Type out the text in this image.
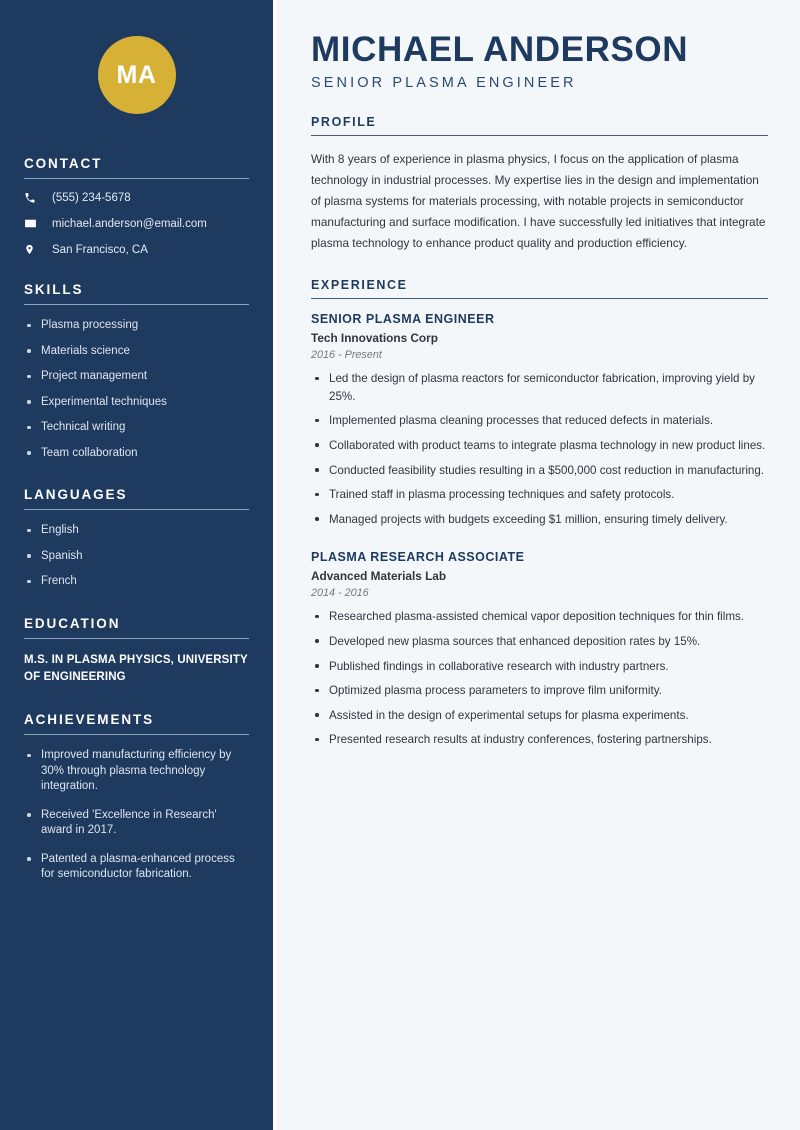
MA
CONTACT
(555) 234-5678
michael.anderson@email.com
San Francisco, CA
SKILLS
Plasma processing
Materials science
Project management
Experimental techniques
Technical writing
Team collaboration
LANGUAGES
English
Spanish
French
EDUCATION
M.S. IN PLASMA PHYSICS, UNIVERSITY OF ENGINEERING
ACHIEVEMENTS
Improved manufacturing efficiency by 30% through plasma technology integration.
Received 'Excellence in Research' award in 2017.
Patented a plasma-enhanced process for semiconductor fabrication.
MICHAEL ANDERSON
SENIOR PLASMA ENGINEER
PROFILE

With 8 years of experience in plasma physics, I focus on the application of plasma technology in industrial processes. My expertise lies in the design and implementation of plasma systems for materials processing, with notable projects in semiconductor manufacturing and surface modification. I have successfully led initiatives that integrate plasma technology to enhance product quality and production efficiency.

EXPERIENCE
SENIOR PLASMA ENGINEER
Tech Innovations Corp
2016 - Present
Led the design of plasma reactors for semiconductor fabrication, improving yield by 25%.
Implemented plasma cleaning processes that reduced defects in materials.
Collaborated with product teams to integrate plasma technology in new product lines.
Conducted feasibility studies resulting in a $500,000 cost reduction in manufacturing.
Trained staff in plasma processing techniques and safety protocols.
Managed projects with budgets exceeding $1 million, ensuring timely delivery.
PLASMA RESEARCH ASSOCIATE
Advanced Materials Lab
2014 - 2016
Researched plasma-assisted chemical vapor deposition techniques for thin films.
Developed new plasma sources that enhanced deposition rates by 15%.
Published findings in collaborative research with industry partners.
Optimized plasma process parameters to improve film uniformity.
Assisted in the design of experimental setups for plasma experiments.
Presented research results at industry conferences, fostering partnerships.
